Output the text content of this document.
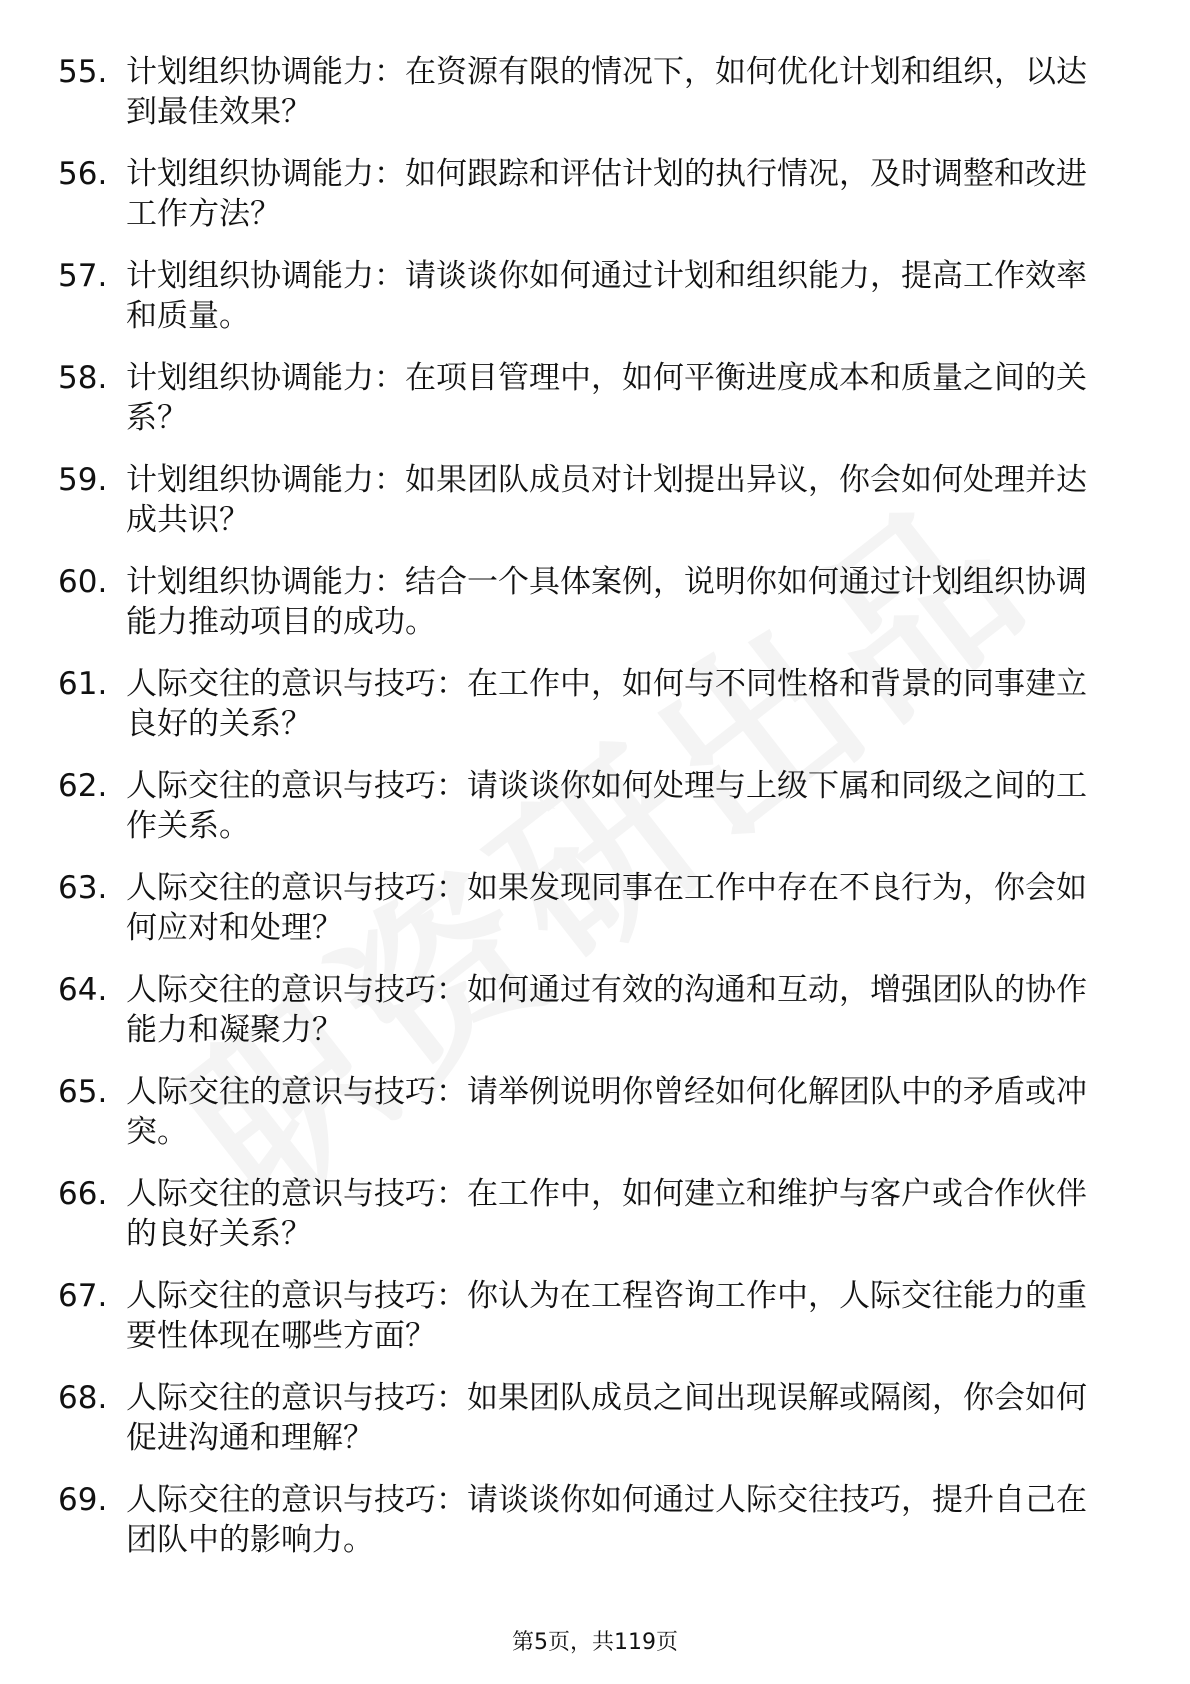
55. 计划组织协调能力：在资源有限的情况下，如何优化计划和组织，以达到最佳效果？
56. 计划组织协调能力：如何跟踪和评估计划的执行情况，及时调整和改进工作方法？
57. 计划组织协调能力：请谈谈你如何通过计划和组织能力，提高工作效率和质量。
58. 计划组织协调能力：在项目管理中，如何平衡进度成本和质量之间的关系？
59. 计划组织协调能力：如果团队成员对计划提出异议，你会如何处理并达成共识？
60. 计划组织协调能力：结合一个具体案例，说明你如何通过计划组织协调能力推动项目的成功。
61. 人际交往的意识与技巧：在工作中，如何与不同性格和背景的同事建立良好的关系？
62. 人际交往的意识与技巧：请谈谈你如何处理与上级下属和同级之间的工作关系。
63. 人际交往的意识与技巧：如果发现同事在工作中存在不良行为，你会如何应对和处理？
64. 人际交往的意识与技巧：如何通过有效的沟通和互动，增强团队的协作能力和凝聚力？
65. 人际交往的意识与技巧：请举例说明你曾经如何化解团队中的矛盾或冲突。
66. 人际交往的意识与技巧：在工作中，如何建立和维护与客户或合作伙伴的良好关系？
67. 人际交往的意识与技巧：你认为在工程咨询工作中，人际交往能力的重要性体现在哪些方面？
68. 人际交往的意识与技巧：如果团队成员之间出现误解或隔阂，你会如何促进沟通和理解？
69. 人际交往的意识与技巧：请谈谈你如何通过人际交往技巧，提升自己在团队中的影响力。
第5页，共119页
